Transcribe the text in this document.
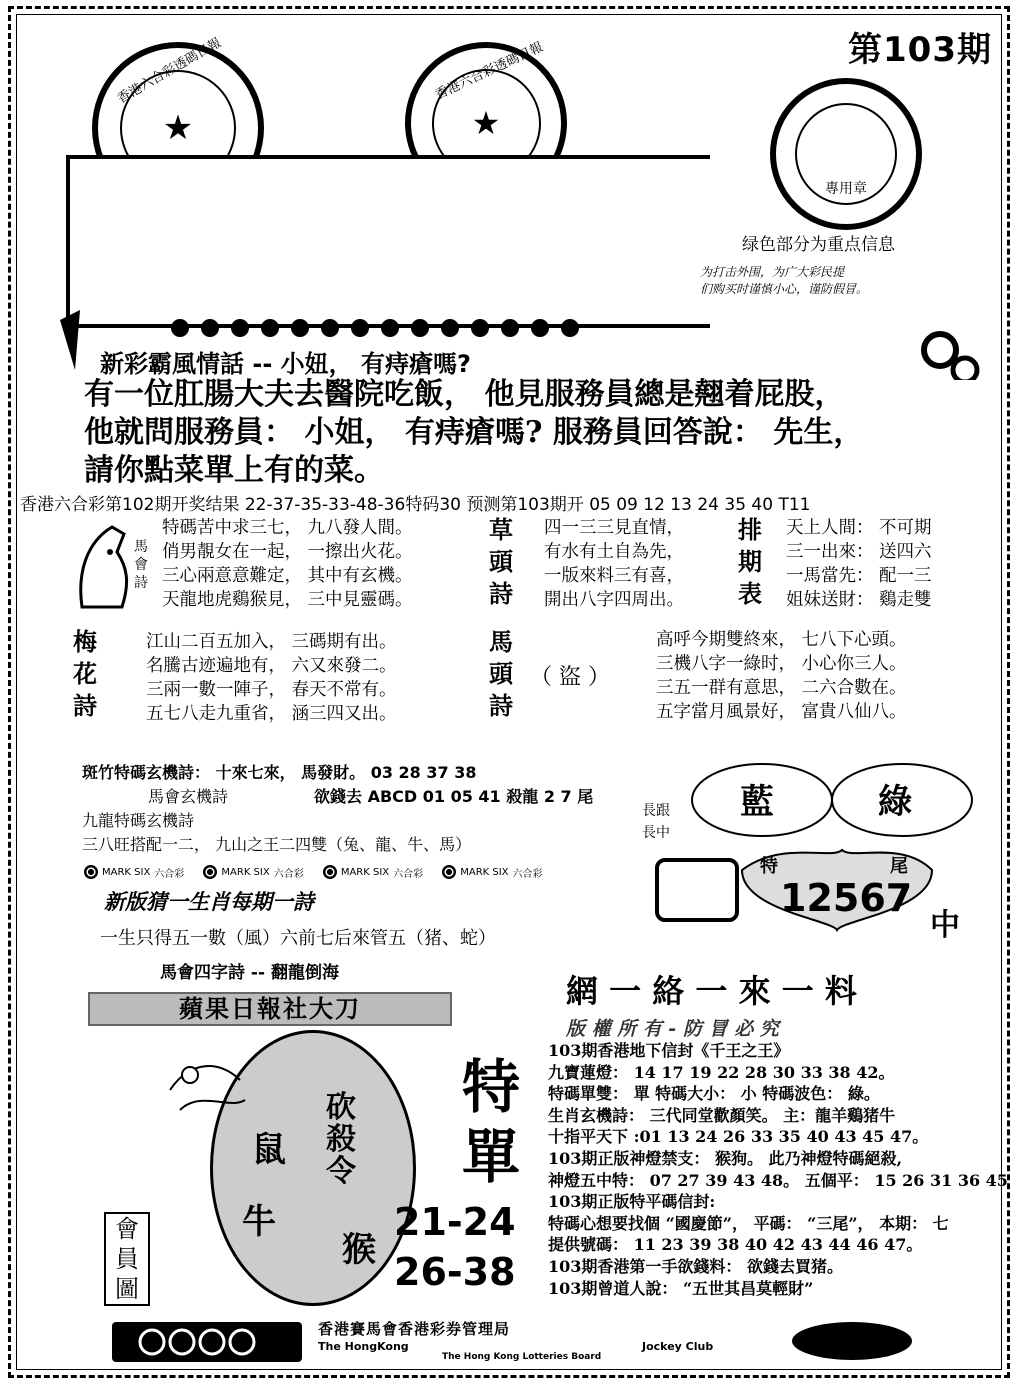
第103期
★
香港六合彩透碼日報
★
香港六合彩透碼日報
專用章
绿色部分为重点信息
为打击外围，为广大彩民提
们购买时谨慎小心，谨防假冒。
新彩霸風情話 -- 小妞， 有痔瘡嗎?
有一位肛腸大夫去醫院吃飯， 他見服務員總是翹着屁股，
他就問服務員： 小姐， 有痔瘡嗎? 服務員回答說： 先生，
請你點菜單上有的菜。
香港六合彩第102期开奖结果 22-37-35-33-48-36特码30 预测第103期开 05 09 12 13 24 35 40 T11
馬會詩
特碼苦中求三七， 九八發人間。
俏男靚女在一起， 一擦出火花。
三心兩意意難定， 其中有玄機。
天龍地虎鷄猴見， 三中見靈碼。
草頭詩
四一三三見直情，
有水有土自為先，
一版來料三有喜，
開出八字四周出。
排期表
天上人間： 不可期
三一出來： 送四六
一馬當先： 配一三
姐妹送財： 鷄走雙
梅花詩
江山二百五加入， 三碼期有出。
名騰古迹遍地有， 六又來發二。
三兩一數一陣子， 春天不常有。
五七八走九重省， 涵三四又出。
馬頭詩
（ 盜 ）
高呼今期雙終來， 七八下心頭。
三機八字一綠时， 小心你三人。
三五一群有意思， 二六合數在。
五字當月風景好， 富貴八仙八。
斑竹特碼玄機詩： 十來七來， 馬發財。 03 28 37 38
馬會玄機詩	欲錢去 ABCD 01 05 41 殺龍 2 7 尾
九龍特碼玄機詩
三八旺搭配一二， 九山之王二四雙（兔、龍、牛、馬）
MARK SIX 六合彩
	MARK SIX 六合彩
	MARK SIX 六合彩
	MARK SIX 六合彩
新版猜一生肖每期一詩
一生只得五一數（風）六前七后來管五（猪、蛇）
馬會四字詩 -- 翻龍倒海
藍	綠
長跟
長中
特	尾
12567
中
網 一 絡 一 來 一 料
版 權 所 有 - 防 冒 必 究
蘋果日報社大刀
砍殺令
鼠
牛
猴
特
單
21-24
26-38
會員圖
103期香港地下信封《千王之王》
九寶蓮燈： 14 17 19 22 28 30 33 38 42。
特碼單雙： 單 特碼大小： 小 特碼波色： 綠。
生肖玄機詩： 三代同堂歡顏笑。 主：龍羊鷄猪牛
十指平天下 :01 13 24 26 33 35 40 43 45 47。
103期正版神燈禁支： 猴狗。 此乃神燈特碼絕殺,
神燈五中特： 07 27 39 43 48。 五個平： 15 26 31 36 45
103期正版特平碼信封:
特碼心想要找個 “國慶節”， 平碼： “三尾”， 本期： 七
提供號碼： 11 23 39 38 40 42 43 44 46 47。
103期香港第一手欲錢料： 欲錢去買猪。
103期曾道人說： “五世其昌莫輕財”
香港賽馬會香港彩券管理局
The HongKong	Jockey Club
The Hong Kong Lotteries Board
